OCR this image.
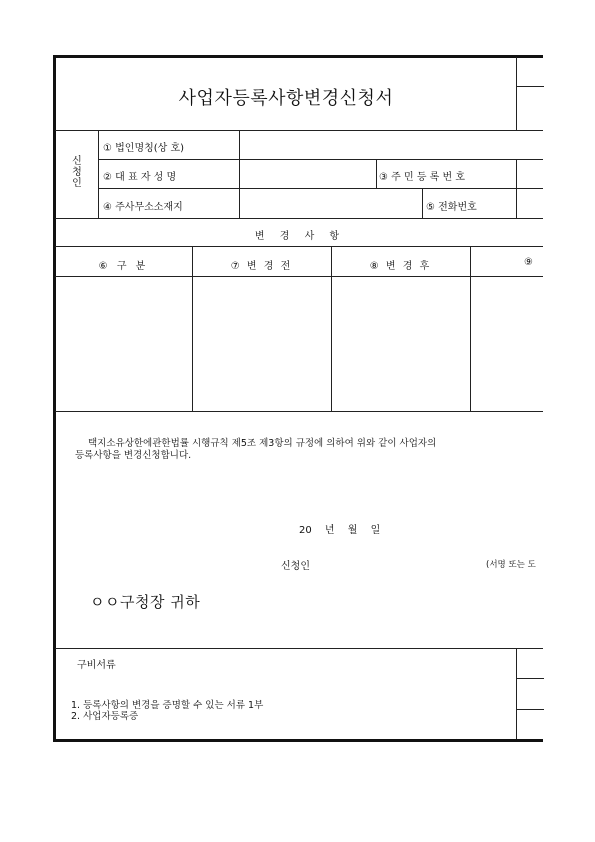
사업자등록사항변경신청서
신
청
인
① 법인명칭(상 호)
② 대 표 자 성 명	③ 주 민 등 록 번 호
④ 주사무소소재지	⑤ 전화번호
변 경 사 항
⑥ 구 분	⑦ 변 경 전	⑧ 변 경 후	⑨
택지소유상한에관한법률 시행규칙 제5조 제3항의 규정에 의하여 위와 같이 사업자의
등록사항을 변경신청합니다.
20 년 월 일
신청인	(서명 또는 도
ㅇㅇ구청장 귀하
구비서류
1. 등록사항의 변경을 증명할 수 있는 서류 1부
2. 사업자등록증
